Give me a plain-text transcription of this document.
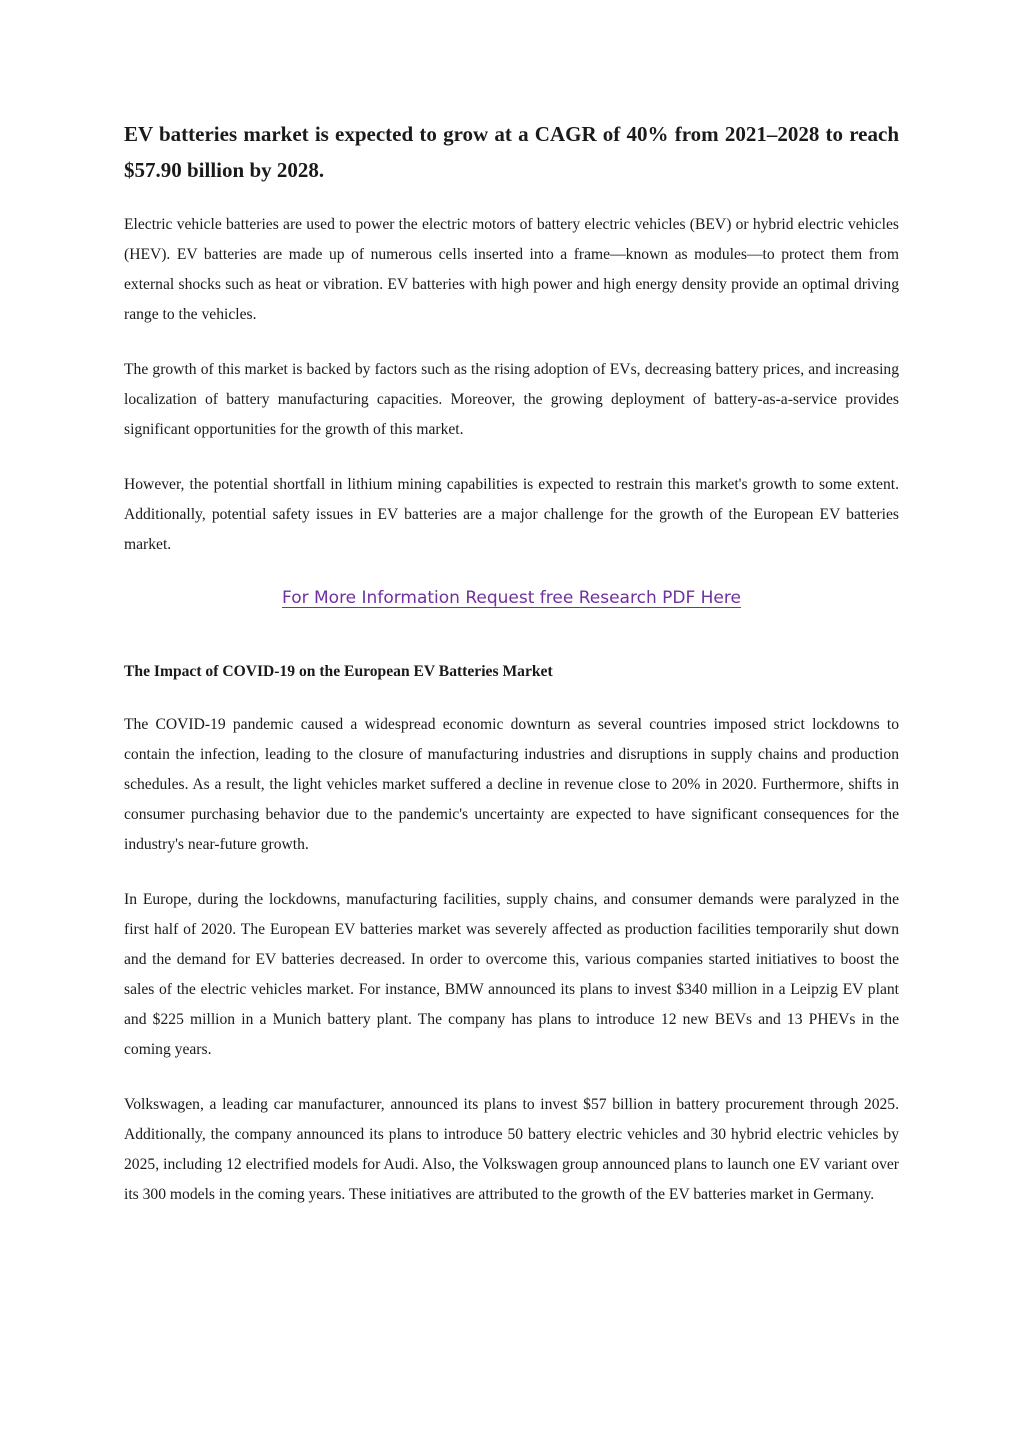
EV batteries market is expected to grow at a CAGR of 40% from 2021–2028 to reach $57.90 billion by 2028.

Electric vehicle batteries are used to power the electric motors of battery electric vehicles (BEV) or hybrid electric vehicles (HEV). EV batteries are made up of numerous cells inserted into a frame—known as modules—to protect them from external shocks such as heat or vibration. EV batteries with high power and high energy density provide an optimal driving range to the vehicles.

The growth of this market is backed by factors such as the rising adoption of EVs, decreasing battery prices, and increasing localization of battery manufacturing capacities. Moreover, the growing deployment of battery-as-a-service provides significant opportunities for the growth of this market.

However, the potential shortfall in lithium mining capabilities is expected to restrain this market's growth to some extent. Additionally, potential safety issues in EV batteries are a major challenge for the growth of the European EV batteries market.

For More Information Request free Research PDF Here
The Impact of COVID-19 on the European EV Batteries Market

The COVID-19 pandemic caused a widespread economic downturn as several countries imposed strict lockdowns to contain the infection, leading to the closure of manufacturing industries and disruptions in supply chains and production schedules. As a result, the light vehicles market suffered a decline in revenue close to 20% in 2020. Furthermore, shifts in consumer purchasing behavior due to the pandemic's uncertainty are expected to have significant consequences for the industry's near-future growth.

In Europe, during the lockdowns, manufacturing facilities, supply chains, and consumer demands were paralyzed in the first half of 2020. The European EV batteries market was severely affected as production facilities temporarily shut down and the demand for EV batteries decreased. In order to overcome this, various companies started initiatives to boost the sales of the electric vehicles market. For instance, BMW announced its plans to invest $340 million in a Leipzig EV plant and $225 million in a Munich battery plant. The company has plans to introduce 12 new BEVs and 13 PHEVs in the coming years.

Volkswagen, a leading car manufacturer, announced its plans to invest $57 billion in battery procurement through 2025. Additionally, the company announced its plans to introduce 50 battery electric vehicles and 30 hybrid electric vehicles by 2025, including 12 electrified models for Audi. Also, the Volkswagen group announced plans to launch one EV variant over its 300 models in the coming years. These initiatives are attributed to the growth of the EV batteries market in Germany.
